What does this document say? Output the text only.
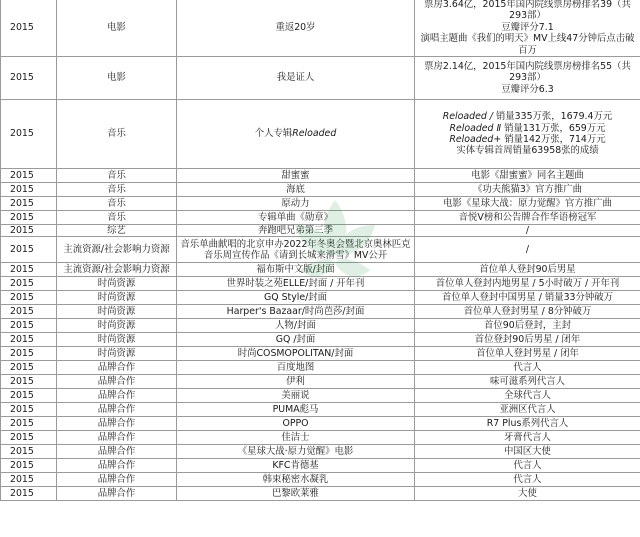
2015	电影	重返20岁	票房3.64亿，2015年国内院线票房榜排名39（共293部）
豆瓣评分7.1
演唱主题曲《我们的明天》MV上线47分钟后点击破百万

2015	电影	我是证人	票房2.14亿，2015年国内院线票房榜排名55（共293部）
豆瓣评分6.3

2015	音乐	个人专辑Reloaded	Reloaded / 销量335万张，1679.4万元
Reloaded Ⅱ 销量131万张，659万元
Reloaded+ 销量142万张，714万元
实体专辑首周销量63958张的成绩

2015	音乐	甜蜜蜜	电影《甜蜜蜜》同名主题曲

2015	音乐	海底	《功夫熊猫3》官方推广曲

2015	音乐	原动力	电影《星球大战：原力觉醒》官方推广曲

2015	音乐	专辑单曲《勋章》	音悦V榜和公告牌合作华语榜冠军

2015	综艺	奔跑吧兄弟第三季	/

2015	主流资源/社会影响力资源	音乐单曲献唱的北京申办2022年冬奥会暨北京奥林匹克音乐周宣传作品《请到长城来滑雪》MV公开	/

2015	主流资源/社会影响力资源	福布斯中文版/封面	首位单人登封90后男星

2015	时尚资源	世界时装之苑ELLE/封面 / 开年刊	首位单人登封内地男星 / 5小时破万 / 开年刊

2015	时尚资源	GQ Style/封面	首位单人登封中国男星 / 销量33分钟破万

2015	时尚资源	Harper's Bazaar/时尚芭莎/封面	首位单人登封男星 / 8分钟破万

2015	时尚资源	人物/封面	首位90后登封，主封

2015	时尚资源	GQ /封面	首位登封90后男星 / 闭年

2015	时尚资源	时尚COSMOPOLITAN/封面	首位单人登封男星 / 闭年

2015	品牌合作	百度地图	代言人

2015	品牌合作	伊利	味可滋系列代言人

2015	品牌合作	美丽说	全球代言人

2015	品牌合作	PUMA彪马	亚洲区代言人

2015	品牌合作	OPPO	R7 Plus系列代言人

2015	品牌合作	佳洁士	牙膏代言人

2015	品牌合作	《星球大战·原力觉醒》电影	中国区大使

2015	品牌合作	KFC肯德基	代言人

2015	品牌合作	韩束秘密水凝乳	代言人

2015	品牌合作	巴黎欧莱雅	大使
